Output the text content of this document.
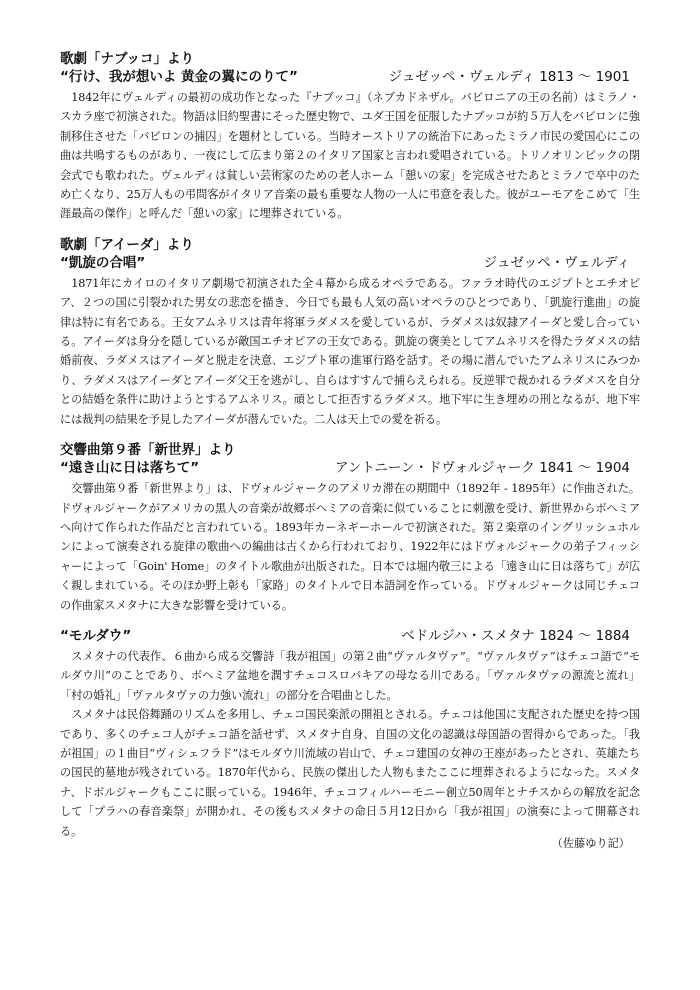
歌劇「ナブッコ」より
“行け、我が想いよ 黄金の翼にのりて”	ジュゼッペ・ヴェルディ 1813 〜 1901

1842年にヴェルディの最初の成功作となった『ナブッコ』（ネブカドネザル。バビロニアの王の名前）はミラノ・スカラ座で初演された。物語は旧約聖書にそった歴史物で、ユダ王国を征服したナブッコが約５万人をバビロンに強制移住させた「バビロンの捕囚」を題材としている。当時オーストリアの統治下にあったミラノ市民の愛国心にこの曲は共鳴するものがあり、一夜にして広まり第２のイタリア国家と言われ愛唱されている。トリノオリンピックの閉会式でも歌われた。ヴェルディは貧しい芸術家のための老人ホーム「憩いの家」を完成させたあとミラノで卒中のため亡くなり、25万人もの弔問客がイタリア音楽の最も重要な人物の一人に弔意を表した。彼がユーモアをこめて「生涯最高の傑作」と呼んだ「憩いの家」に埋葬されている。

歌劇「アイーダ」より
“凱旋の合唱”	ジュゼッペ・ヴェルディ

1871年にカイロのイタリア劇場で初演された全４幕から成るオペラである。ファラオ時代のエジプトとエチオピア、２つの国に引裂かれた男女の悲恋を描き、今日でも最も人気の高いオペラのひとつであり、「凱旋行進曲」の旋律は特に有名である。王女アムネリスは青年将軍ラダメスを愛しているが、ラダメスは奴隷アイーダと愛し合っている。アイーダは身分を隠しているが敵国エチオピアの王女である。凱旋の褒美としてアムネリスを得たラダメスの結婚前夜、ラダメスはアイーダと脱走を決意、エジプト軍の進軍行路を話す。その場に潜んでいたアムネリスにみつかり、ラダメスはアイーダとアイーダ父王を逃がし、自らはすすんで捕らえられる。反逆罪で裁かれるラダメスを自分との結婚を条件に助けようとするアムネリス。頑として拒否するラダメス。地下牢に生き埋めの刑となるが、地下牢には裁判の結果を予見したアイーダが潜んでいた。二人は天上での愛を祈る。

交響曲第９番「新世界」より
“遠き山に日は落ちて”	アントニーン・ドヴォルジャーク 1841 〜 1904

交響曲第９番「新世界より」は、ドヴォルジャークのアメリカ滞在の期間中（1892年 - 1895年）に作曲された。ドヴォルジャークがアメリカの黒人の音楽が故郷ボヘミアの音楽に似ていることに刺激を受け、新世界からボヘミアへ向けて作られた作品だと言われている。1893年カーネギーホールで初演された。第２楽章のイングリッシュホルンによって演奏される旋律の歌曲への編曲は古くから行われており、1922年にはドヴォルジャークの弟子フィッシャーによって「Goin' Home」のタイトル歌曲が出版された。日本では堀内敬三による「遠き山に日は落ちて」が広く親しまれている。そのほか野上彰も「家路」のタイトルで日本語詞を作っている。ドヴォルジャークは同じチェコの作曲家スメタナに大きな影響を受けている。

“モルダウ”	ベドルジハ・スメタナ 1824 〜 1884

スメタナの代表作、６曲から成る交響詩「我が祖国」の第２曲“ヴァルタヴァ”。“ヴァルタヴァ”はチェコ語で“モルダウ川”のことであり、ボヘミア盆地を潤すチェコスロバキアの母なる川である。「ヴァルタヴァの源流と流れ」「村の婚礼」「ヴァルタヴァの力強い流れ」の部分を合唱曲とした。

スメタナは民俗舞踊のリズムを多用し、チェコ国民楽派の開祖とされる。チェコは他国に支配された歴史を持つ国であり、多くのチェコ人がチェコ語を話せず、スメタナ自身、自国の文化の認識は母国語の習得からであった。「我が祖国」の１曲目“ヴィシェフラド”はモルダウ川流域の岩山で、チェコ建国の女神の王座があったとされ、英雄たちの国民的墓地が残されている。1870年代から、民族の傑出した人物もまたここに埋葬されるようになった。スメタナ、ドボルジャークもここに眠っている。1946年、チェコフィルハーモニー創立50周年とナチスからの解放を記念して「プラハの春音楽祭」が開かれ、その後もスメタナの命日５月12日から「我が祖国」の演奏によって開幕される。

（佐藤ゆり記）
